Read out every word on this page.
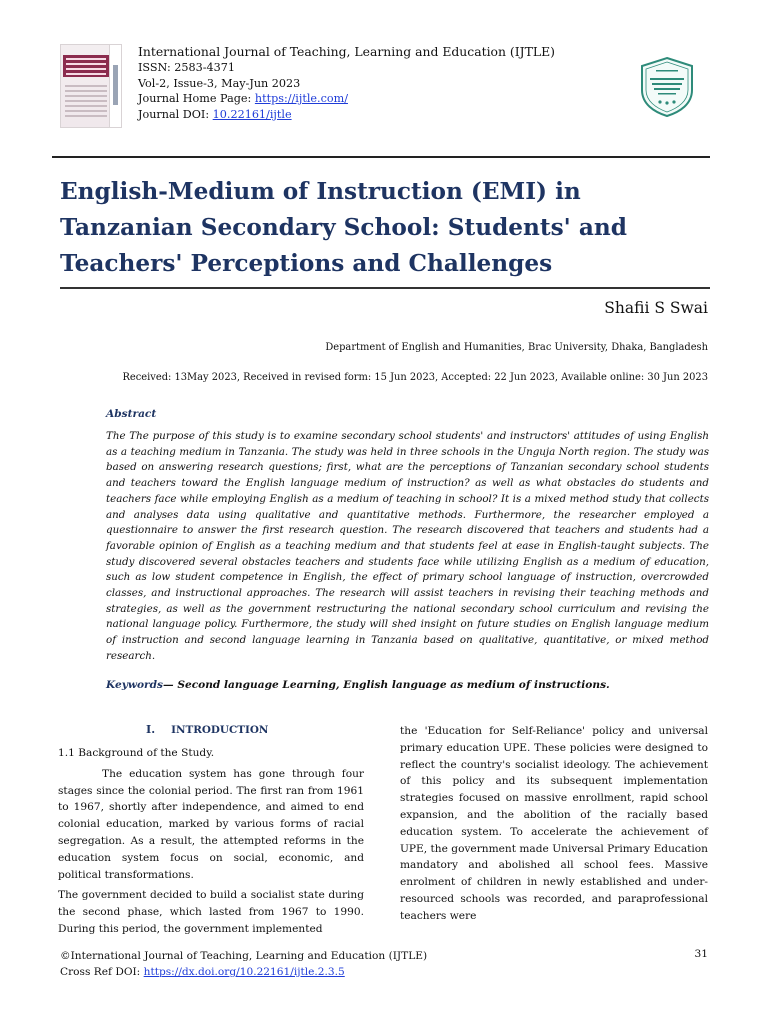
International Journal of Teaching, Learning and Education (IJTLE)
ISSN: 2583-4371
Vol-2, Issue-3, May-Jun 2023
Journal Home Page: https://ijtle.com/
Journal DOI: 10.22161/ijtle
English-Medium of Instruction (EMI) in Tanzanian Secondary School: Students' and Teachers' Perceptions and Challenges
Shafii S Swai
Department of English and Humanities, Brac University, Dhaka, Bangladesh
Received: 13May 2023, Received in revised form: 15 Jun 2023, Accepted: 22 Jun 2023, Available online: 30 Jun 2023
Abstract

The The purpose of this study is to examine secondary school students' and instructors' attitudes of using English as a teaching medium in Tanzania. The study was held in three schools in the Unguja North region. The study was based on answering research questions; first, what are the perceptions of Tanzanian secondary school students and teachers toward the English language medium of instruction? as well as what obstacles do students and teachers face while employing English as a medium of teaching in school? It is a mixed method study that collects and analyses data using qualitative and quantitative methods. Furthermore, the researcher employed a questionnaire to answer the first research question. The research discovered that teachers and students had a favorable opinion of English as a teaching medium and that students feel at ease in English-taught subjects. The study discovered several obstacles teachers and students face while utilizing English as a medium of education, such as low student competence in English, the effect of primary school language of instruction, overcrowded classes, and instructional approaches. The research will assist teachers in revising their teaching methods and strategies, as well as the government restructuring the national secondary school curriculum and revising the national language policy. Furthermore, the study will shed insight on future studies on English language medium of instruction and second language learning in Tanzania based on qualitative, quantitative, or mixed method research.

Keywords— Second language Learning, English language as medium of instructions.
I. INTRODUCTION

1.1 Background of the Study.

The education system has gone through four stages since the colonial period. The first ran from 1961 to 1967, shortly after independence, and aimed to end colonial education, marked by various forms of racial segregation. As a result, the attempted reforms in the education system focus on social, economic, and political transformations.

The government decided to build a socialist state during the second phase, which lasted from 1967 to 1990. During this period, the government implemented

the 'Education for Self-Reliance' policy and universal primary education UPE. These policies were designed to reflect the country's socialist ideology. The achievement of this policy and its subsequent implementation strategies focused on massive enrollment, rapid school expansion, and the abolition of the racially based education system. To accelerate the achievement of UPE, the government made Universal Primary Education mandatory and abolished all school fees. Massive enrolment of children in newly established and under-resourced schools was recorded, and paraprofessional teachers were

©International Journal of Teaching, Learning and Education (IJTLE)
Cross Ref DOI: https://dx.doi.org/10.22161/ijtle.2.3.5
31
